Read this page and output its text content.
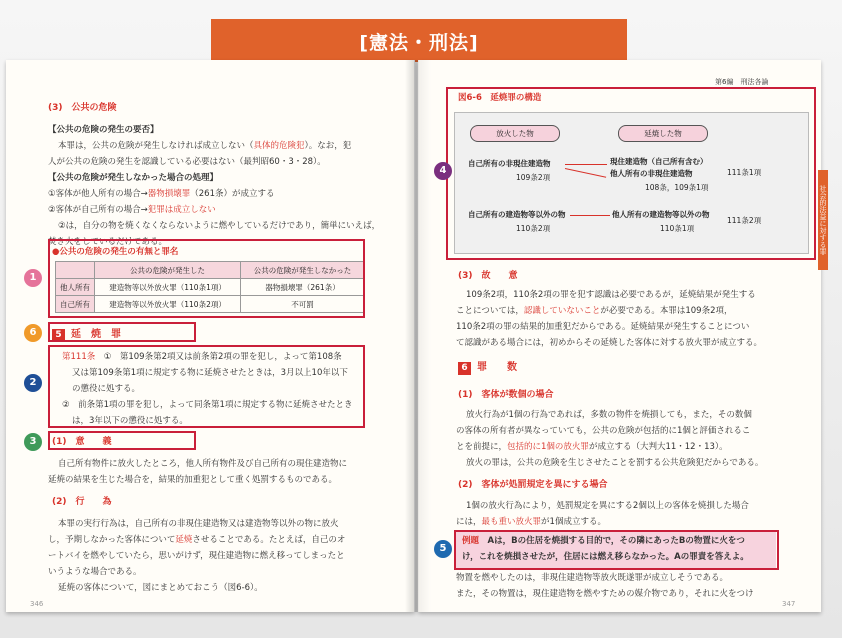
[憲法・刑法]
(3)　公共の危険
【公共の危険の発生の要否】
本罪は，公共の危険が発生しなければ成立しない（具体的危険犯）。なお，犯
人が公共の危険の発生を認識している必要はない（最判昭60・3・28）。
【公共の危険が発生しなかった場合の処理】
①客体が他人所有の場合→器物損壊罪（261条）が成立する
②客体が自己所有の場合→犯罪は成立しない
②は，自分の物を焼くなくならないように燃やしているだけであり，簡単にいえば，
焚き火をしているだけである。
●公共の危険の発生の有無と罪名
	公共の危険が発生した	公共の危険が発生しなかった
他人所有	建造物等以外放火罪（110条1項）	器物損壊罪（261条）
自己所有	建造物等以外放火罪（110条2項）	不可罰
5 延　焼　罪
第111条　 ①　第109条第2項又は前条第2項の罪を犯し，よって第108条
又は第109条第1項に規定する物に延焼させたときは，3月以上10年以下
の懲役に処する。
②　前条第1項の罪を犯し，よって同条第1項に規定する物に延焼させたとき
は，3年以下の懲役に処する。
(1)　意　　義
自己所有物件に放火したところ，他人所有物件及び自己所有の現住建造物に
延焼の結果を生じた場合を，結果的加重犯として重く処罰するものである。
(2)　行　　為
本罪の実行行為は，自己所有の非現住建造物又は建造物等以外の物に放火
し，予期しなかった客体について延焼させることである。たとえば，自己のオ
ートバイを燃やしていたら，思いがけず，現住建造物に燃え移ってしまったと
いうような場合である。
延焼の客体について，図にまとめておこう（図6-6）。
346
1
6
2
3
第6編　刑法各論
図6-6　延焼罪の構造
放火した物	延焼した物
自己所有の非現住建造物
109条2項
現住建造物（自己所有含む）
他人所有の非現住建造物
108条，109条1項
111条1項
自己所有の建造物等以外の物
110条2項
他人所有の建造物等以外の物
110条1項
111条2項
4
(3)　故　　意
109条2項，110条2項の罪を犯す認識は必要であるが，延焼結果が発生する
ことについては，認識していないことが必要である。本罪は109条2項，
110条2項の罪の結果的加重犯だからである。延焼結果が発生することについ
て認識がある場合には，初めからその延焼した客体に対する放火罪が成立する。
6 罪　　数
(1)　客体が数個の場合
放火行為が1個の行為であれば，多数の物件を焼損しても，また，その数個
の客体の所有者が異なっていても，公共の危険が包括的に1個と評価されるこ
とを前提に，包括的に1個の放火罪が成立する（大判大11・12・13）。
放火の罪は，公共の危険を生じさせたことを罰する公共危険犯だからである。
(2)　客体が処罰規定を異にする場合
1個の放火行為により，処罰規定を異にする2個以上の客体を焼損した場合
には，最も重い放火罪が1個成立する。
例題　 Aは，Bの住居を焼損する目的で，その隣にあったBの物置に火をつ
け，これを焼損させたが，住居には燃え移らなかった。Aの罪責を答えよ。
5
物置を燃やしたのは，非現住建造物等放火既遂罪が成立しそうである。
また，その物置は，現住建造物を燃やすための媒介物であり，それに火をつけ
347
社会的法益に対する罪
